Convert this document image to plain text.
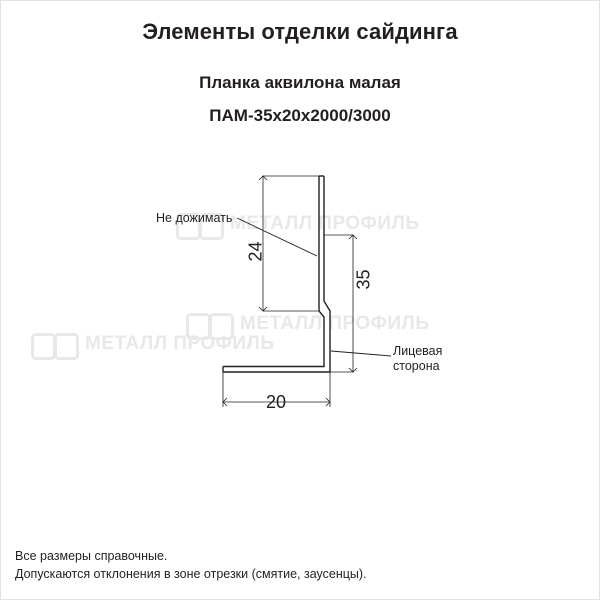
Элементы отделки сайдинга
Планка аквилона малая
ПАМ-35x20x2000/3000
МЕТАЛЛ ПРОФИЛЬ
МЕТАЛЛ ПРОФИЛЬ
МЕТАЛЛ ПРОФИЛЬ
Не дожимать
Лицевая
сторона
24
35
20
Все размеры справочные.
Допускаются отклонения в зоне отрезки (смятие, заусенцы).
